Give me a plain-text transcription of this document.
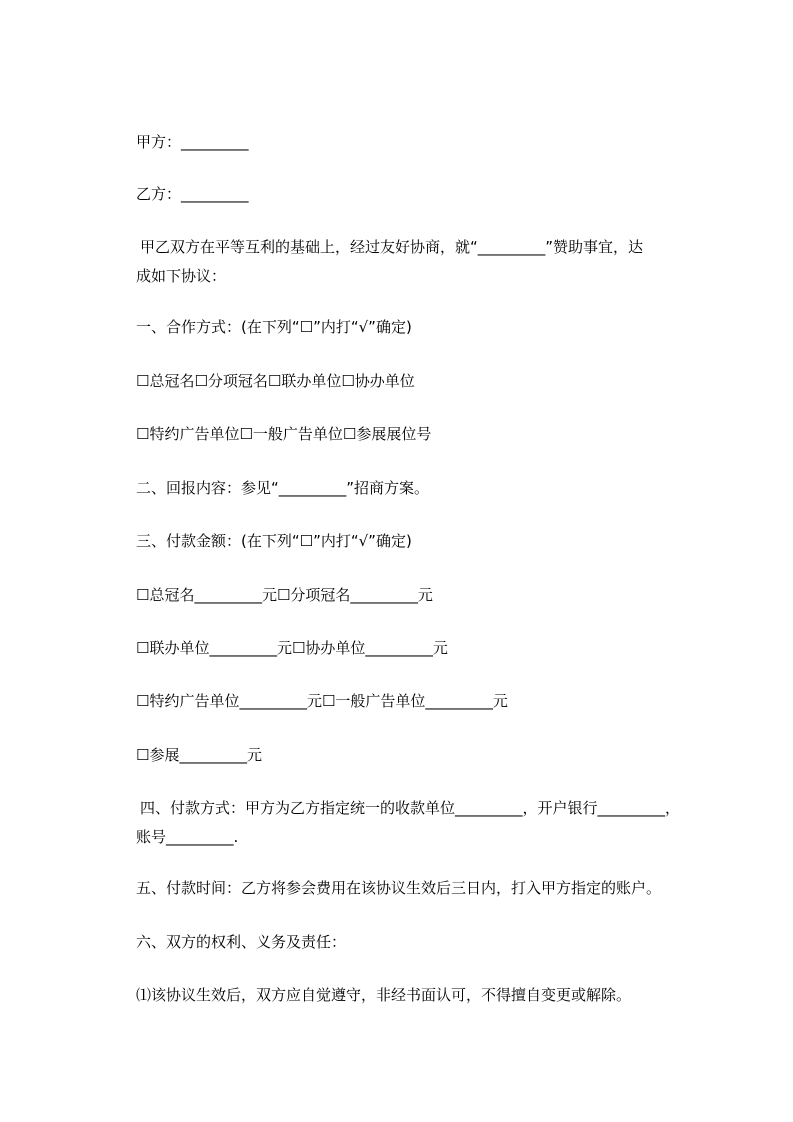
甲方：_________
乙方：_________
甲乙双方在平等互利的基础上，经过友好协商，就“_________”赞助事宜，达
成如下协议：
一、合作方式：(在下列“☐”内打“√”确定)
☐总冠名☐分项冠名☐联办单位☐协办单位
☐特约广告单位☐一般广告单位☐参展展位号
二、回报内容：参见“_________”招商方案。
三、付款金额：(在下列“☐”内打“√”确定)
☐总冠名_________元☐分项冠名_________元
☐联办单位_________元☐协办单位_________元
☐特约广告单位_________元☐一般广告单位_________元
☐参展_________元
四、付款方式：甲方为乙方指定统一的收款单位_________，开户银行_________，
账号_________.
五、付款时间：乙方将参会费用在该协议生效后三日内，打入甲方指定的账户。
六、双方的权利、义务及责任：
⑴该协议生效后，双方应自觉遵守，非经书面认可，不得擅自变更或解除。
